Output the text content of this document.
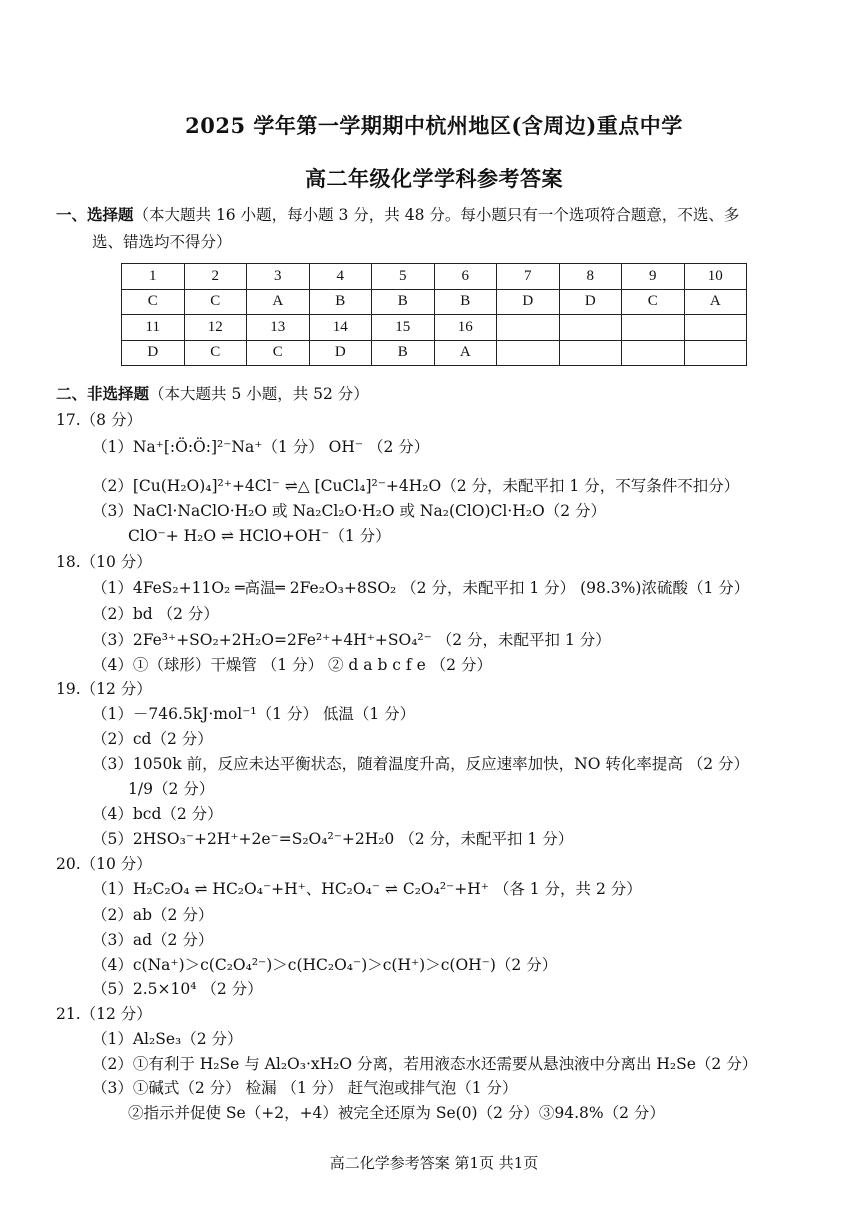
2025 学年第一学期期中杭州地区(含周边)重点中学
高二年级化学学科参考答案
一、选择题（本大题共 16 小题，每小题 3 分，共 48 分。每小题只有一个选项符合题意，不选、多
选、错选均不得分）
1	2	3	4	5	6	7	8	9	10
C	C	A	B	B	B	D	D	C	A
11	12	13	14	15	16				
D	C	C	D	B	A				
二、非选择题（本大题共 5 小题，共 52 分）
17.（8 分）
（1）Na⁺[:Ö:Ö:]²⁻Na⁺（1 分） OH⁻ （2 分）
（2）[Cu(H₂O)₄]²⁺+4Cl⁻ ⇌△ [CuCl₄]²⁻+4H₂O（2 分，未配平扣 1 分，不写条件不扣分）
（3）NaCl·NaClO·H₂O 或 Na₂Cl₂O·H₂O 或 Na₂(ClO)Cl·H₂O（2 分）
ClO⁻+ H₂O ⇌ HClO+OH⁻（1 分）
18.（10 分）
（1）4FeS₂+11O₂ ═高温═ 2Fe₂O₃+8SO₂ （2 分，未配平扣 1 分） (98.3%)浓硫酸（1 分）
（2）bd （2 分）
（3）2Fe³⁺+SO₂+2H₂O=2Fe²⁺+4H⁺+SO₄²⁻ （2 分，未配平扣 1 分）
（4）①（球形）干燥管 （1 分） ② d a b c f e （2 分）
19.（12 分）
（1）－746.5kJ·mol⁻¹（1 分） 低温（1 分）
（2）cd（2 分）
（3）1050k 前，反应未达平衡状态，随着温度升高，反应速率加快，NO 转化率提高 （2 分）
1/9（2 分）
（4）bcd（2 分）
（5）2HSO₃⁻+2H⁺+2e⁻=S₂O₄²⁻+2H₂0 （2 分，未配平扣 1 分）
20.（10 分）
（1）H₂C₂O₄ ⇌ HC₂O₄⁻+H⁺、HC₂O₄⁻ ⇌ C₂O₄²⁻+H⁺ （各 1 分，共 2 分）
（2）ab（2 分）
（3）ad（2 分）
（4）c(Na⁺)＞c(C₂O₄²⁻)＞c(HC₂O₄⁻)＞c(H⁺)＞c(OH⁻)（2 分）
（5）2.5×10⁴ （2 分）
21.（12 分）
（1）Al₂Se₃（2 分）
（2）①有利于 H₂Se 与 Al₂O₃·xH₂O 分离，若用液态水还需要从悬浊液中分离出 H₂Se（2 分）
（3）①碱式（2 分） 检漏 （1 分） 赶气泡或排气泡（1 分）
②指示并促使 Se（+2，+4）被完全还原为 Se(0)（2 分）③94.8%（2 分）
高二化学参考答案 第1页 共1页
